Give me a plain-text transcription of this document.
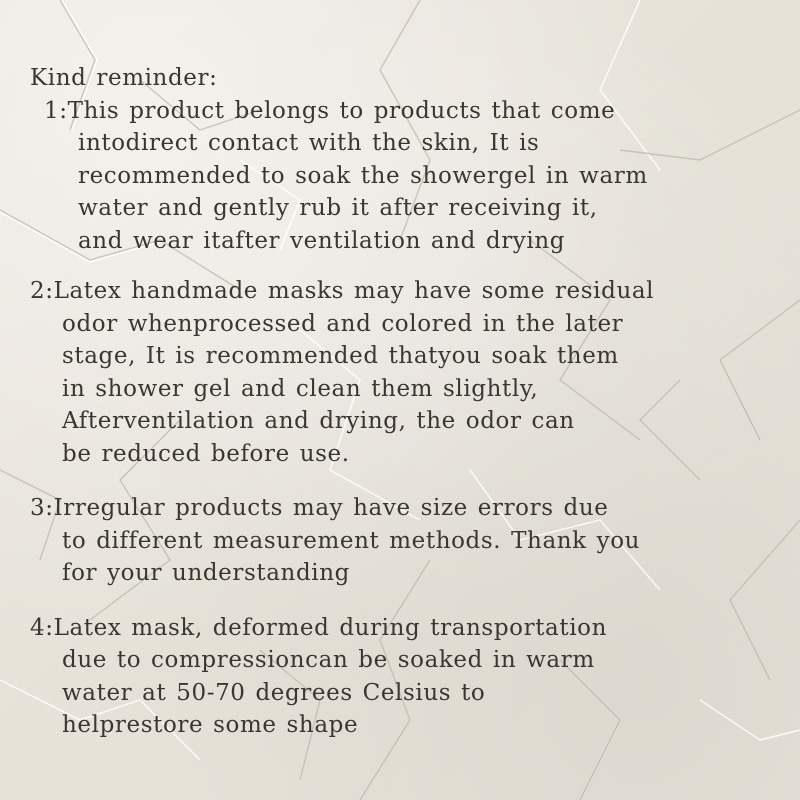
Kind reminder:
1:This product belongs to products that come
intodirect contact with the skin, It is
recommended to soak the showergel in warm
water and gently rub it after receiving it,
and wear itafter ventilation and drying
2:Latex handmade masks may have some residual
odor whenprocessed and colored in the later
stage, It is recommended thatyou soak them
in shower gel and clean them slightly,
Afterventilation and drying, the odor can
be reduced before use.
3:Irregular products may have size errors due
to different measurement methods. Thank you
for your understanding
4:Latex mask, deformed during transportation
due to compressioncan be soaked in warm
water at 50-70 degrees Celsius to
helprestore some shape
